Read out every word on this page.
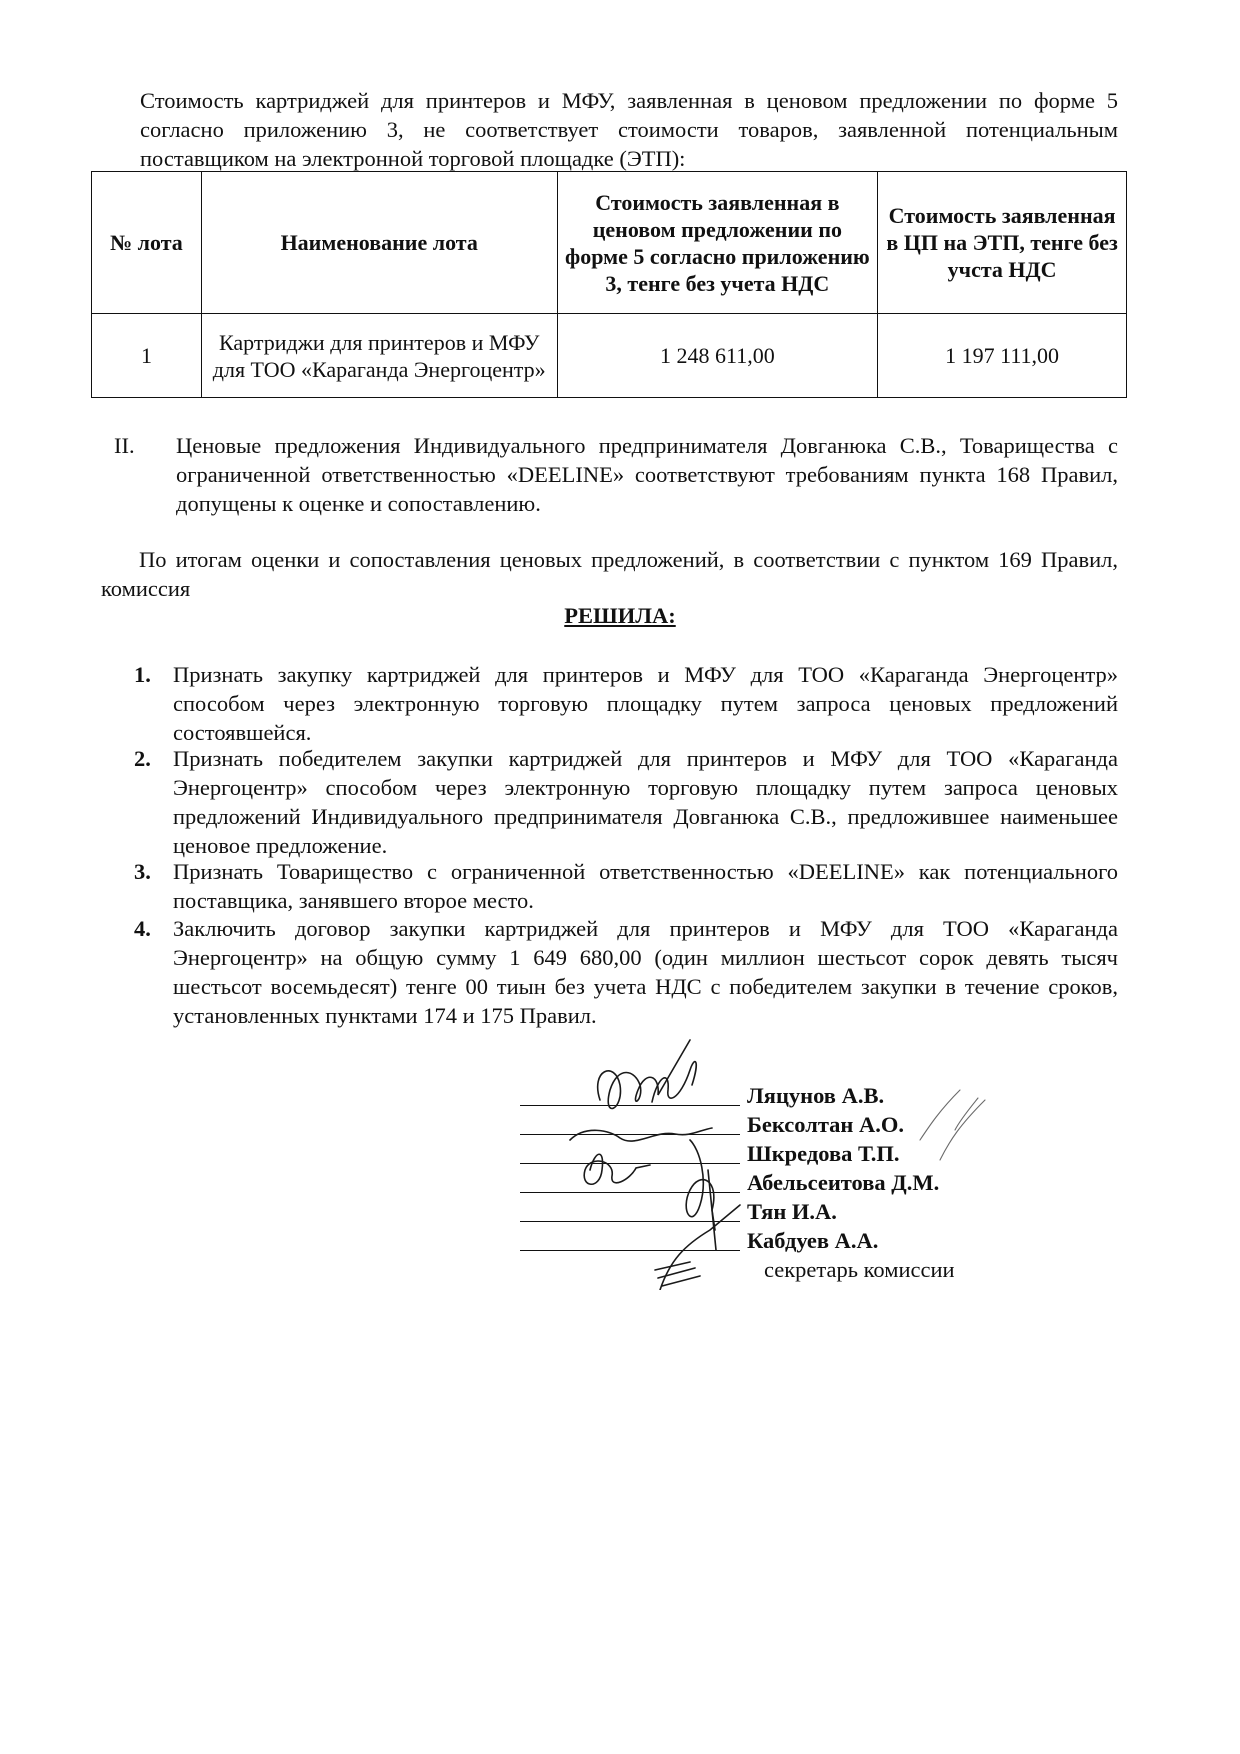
Стоимость картриджей для принтеров и МФУ, заявленная в ценовом предложении по форме 5 согласно приложению 3, не соответствует стоимости товаров, заявленной потенциальным поставщиком на электронной торговой площадке (ЭТП):

№ лота	Наименование лота	Стоимость заявленная в ценовом предложении по форме 5 согласно приложению 3, тенге без учета НДС	Стоимость заявленная в ЦП на ЭТП, тенге без учста НДС
1	Картриджи для принтеров и МФУ для ТОО «Караганда Энергоцентр»	1 248 611,00	1 197 111,00
II. Ценовые предложения Индивидуального предпринимателя Довганюка С.В., Товарищества с ограниченной ответственностью «DEELINE» соответствуют требованиям пункта 168 Правил, допущены к оценке и сопоставлению.

По итогам оценки и сопоставления ценовых предложений, в соответствии с пунктом 169 Правил, комиссия

РЕШИЛА:
1. Признать закупку картриджей для принтеров и МФУ для ТОО «Караганда Энергоцентр» способом через электронную торговую площадку путем запроса ценовых предложений состоявшейся.
2. Признать победителем закупки картриджей для принтеров и МФУ для ТОО «Караганда Энергоцентр» способом через электронную торговую площадку путем запроса ценовых предложений Индивидуального предпринимателя Довганюка С.В., предложившее наименьшее ценовое предложение.
3. Признать Товарищество с ограниченной ответственностью «DEELINE» как потенциального поставщика, занявшего второе место.
4. Заключить договор закупки картриджей для принтеров и МФУ для ТОО «Караганда Энергоцентр» на общую сумму 1 649 680,00 (один миллион шестьсот сорок девять тысяч шестьсот восемьдесят) тенге 00 тиын без учета НДС с победителем закупки в течение сроков, установленных пунктами 174 и 175 Правил.
Ляцунов А.В.
Бексолтан А.О.
Шкредова Т.П.
Абельсеитова Д.М.
Тян И.А.
Кабдуев А.А.
секретарь комиссии
